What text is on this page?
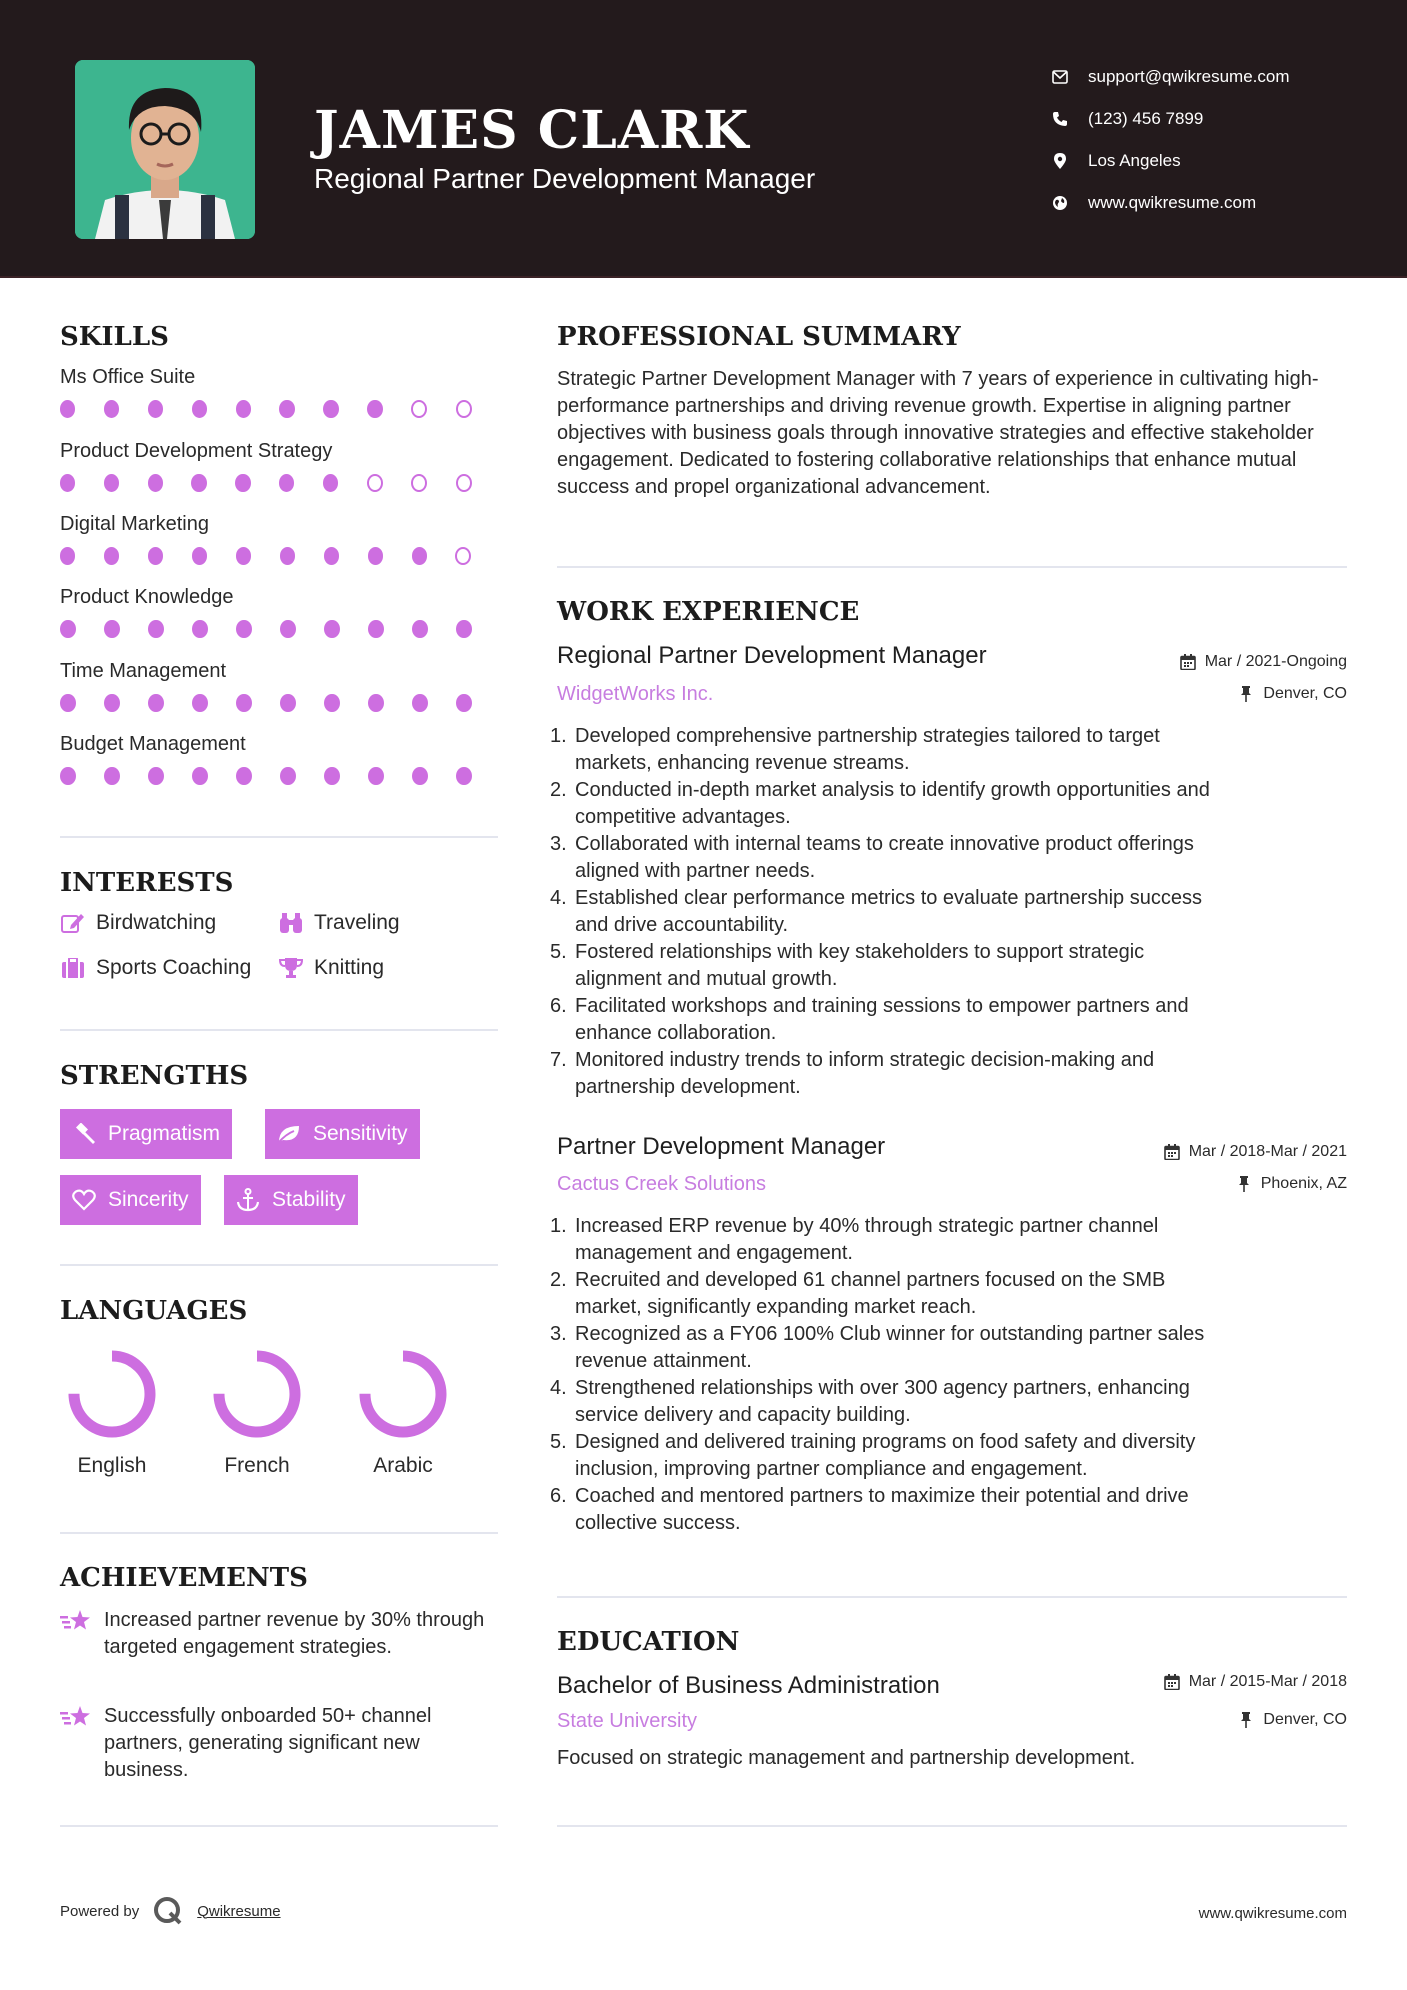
JAMES CLARK
Regional Partner Development Manager
support@qwikresume.com
(123) 456 7899
Los Angeles
www.qwikresume.com
SKILLS
Ms Office Suite
Product Development Strategy
Digital Marketing
Product Knowledge
Time Management
Budget Management
INTERESTS
Birdwatching	Traveling
Sports Coaching	Knitting
STRENGTHS
Pragmatism	Sensitivity
Sincerity	Stability
LANGUAGES
English	French	Arabic
ACHIEVEMENTS
Increased partner revenue by 30% through targeted engagement strategies.
Successfully onboarded 50+ channel partners, generating significant new business.
PROFESSIONAL SUMMARY

Strategic Partner Development Manager with 7 years of experience in cultivating high-performance partnerships and driving revenue growth. Expertise in aligning partner objectives with business goals through innovative strategies and effective stakeholder engagement. Dedicated to fostering collaborative relationships that enhance mutual success and propel organizational advancement.

WORK EXPERIENCE
Regional Partner Development Manager	Mar / 2021-Ongoing
WidgetWorks Inc.	Denver, CO
1. Developed comprehensive partnership strategies tailored to target
markets, enhancing revenue streams.
2. Conducted in-depth market analysis to identify growth opportunities and
competitive advantages.
3. Collaborated with internal teams to create innovative product offerings
aligned with partner needs.
4. Established clear performance metrics to evaluate partnership success
and drive accountability.
5. Fostered relationships with key stakeholders to support strategic
alignment and mutual growth.
6. Facilitated workshops and training sessions to empower partners and
enhance collaboration.
7. Monitored industry trends to inform strategic decision-making and
partnership development.
Partner Development Manager	Mar / 2018-Mar / 2021
Cactus Creek Solutions	Phoenix, AZ
1. Increased ERP revenue by 40% through strategic partner channel
management and engagement.
2. Recruited and developed 61 channel partners focused on the SMB
market, significantly expanding market reach.
3. Recognized as a FY06 100% Club winner for outstanding partner sales
revenue attainment.
4. Strengthened relationships with over 300 agency partners, enhancing
service delivery and capacity building.
5. Designed and delivered training programs on food safety and diversity
inclusion, improving partner compliance and engagement.
6. Coached and mentored partners to maximize their potential and drive
collective success.
EDUCATION
Bachelor of Business Administration	Mar / 2015-Mar / 2018
State University	Denver, CO
Focused on strategic management and partnership development.
Powered by	Qwikresume	www.qwikresume.com
